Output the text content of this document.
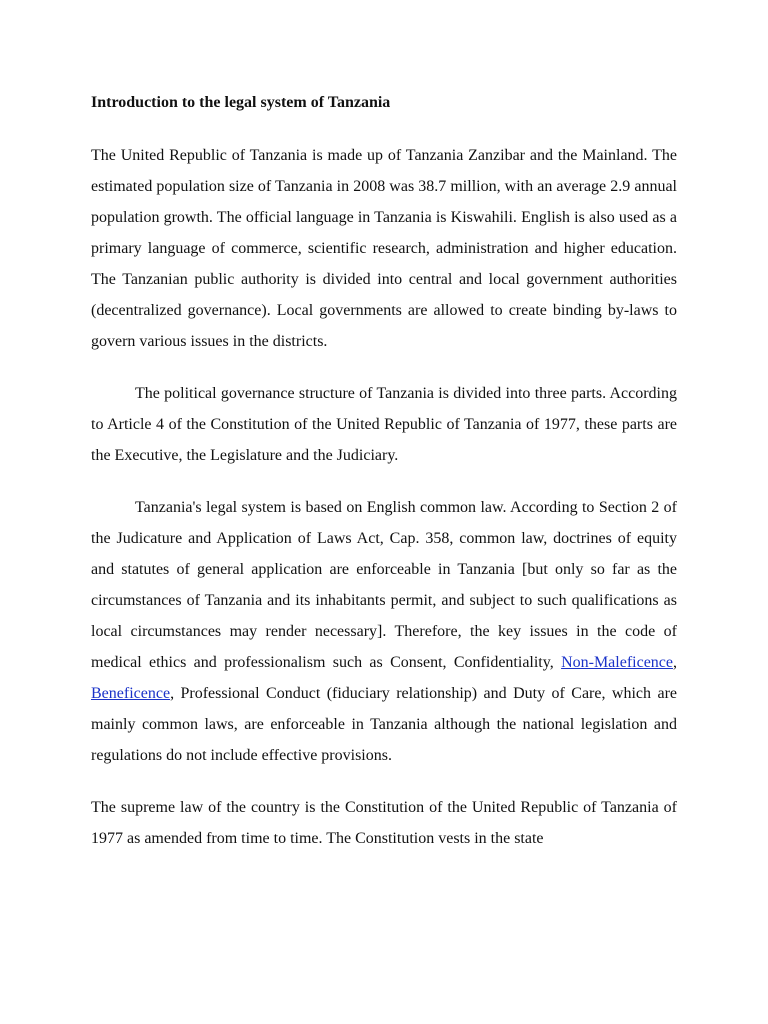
Introduction to the legal system of Tanzania

The United Republic of Tanzania is made up of Tanzania Zanzibar and the Mainland. The estimated population size of Tanzania in 2008 was 38.7 million, with an average 2.9 annual population growth. The official language in Tanzania is Kiswahili. English is also used as a primary language of commerce, scientific research, administration and higher education. The Tanzanian public authority is divided into central and local government authorities (decentralized governance). Local governments are allowed to create binding by-laws to govern various issues in the districts.

The political governance structure of Tanzania is divided into three parts. According to Article 4 of the Constitution of the United Republic of Tanzania of 1977, these parts are the Executive, the Legislature and the Judiciary.

Tanzania's legal system is based on English common law. According to Section 2 of the Judicature and Application of Laws Act, Cap. 358, common law, doctrines of equity and statutes of general application are enforceable in Tanzania [but only so far as the circumstances of Tanzania and its inhabitants permit, and subject to such qualifications as local circumstances may render necessary]. Therefore, the key issues in the code of medical ethics and professionalism such as Consent, Confidentiality, Non-Maleficence, Beneficence, Professional Conduct (fiduciary relationship) and Duty of Care, which are mainly common laws, are enforceable in Tanzania although the national legislation and regulations do not include effective provisions.

The supreme law of the country is the Constitution of the United Republic of Tanzania of 1977 as amended from time to time. The Constitution vests in the state
